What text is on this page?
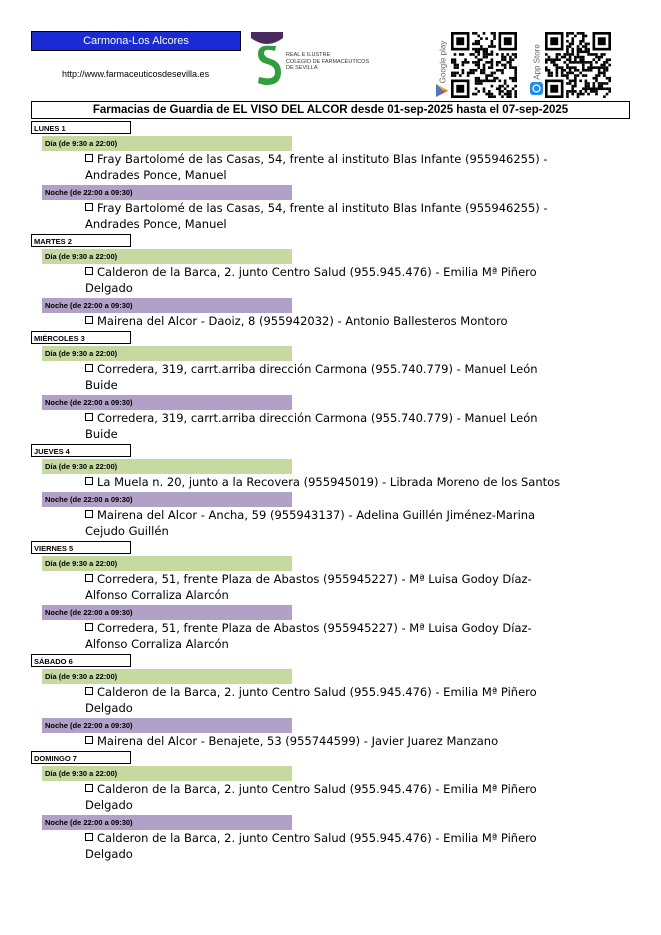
Carmona-Los Alcores
http://www.farmaceuticosdesevilla.es
REAL E ILUSTRE
COLEGIO DE FARMACÉUTICOS
DE SEVILLA	Google play	App Store
Farmacias de Guardia de EL VISO DEL ALCOR desde 01-sep-2025 hasta el 07-sep-2025
LUNES 1
Día (de 9:30 a 22:00)
Fray Bartolomé de las Casas, 54, frente al instituto Blas Infante (955946255) -
Andrades Ponce, Manuel
Noche (de 22:00 a 09:30)
Fray Bartolomé de las Casas, 54, frente al instituto Blas Infante (955946255) -
Andrades Ponce, Manuel
MARTES 2
Día (de 9:30 a 22:00)
Calderon de la Barca, 2. junto Centro Salud (955.945.476) - Emilia Mª Piñero
Delgado
Noche (de 22:00 a 09:30)
Mairena del Alcor - Daoiz, 8 (955942032) - Antonio Ballesteros Montoro
MIÉRCOLES 3
Día (de 9:30 a 22:00)
Corredera, 319, carrt.arriba dirección Carmona (955.740.779) - Manuel León Buide
Noche (de 22:00 a 09:30)
Corredera, 319, carrt.arriba dirección Carmona (955.740.779) - Manuel León Buide
JUEVES 4
Día (de 9:30 a 22:00)
La Muela n. 20, junto a la Recovera (955945019) - Librada Moreno de los Santos
Noche (de 22:00 a 09:30)
Mairena del Alcor - Ancha, 59 (955943137) - Adelina Guillén Jiménez-Marina
Cejudo Guillén
VIERNES 5
Día (de 9:30 a 22:00)
Corredera, 51, frente Plaza de Abastos (955945227) - Mª Luisa Godoy Díaz-
Alfonso Corraliza Alarcón
Noche (de 22:00 a 09:30)
Corredera, 51, frente Plaza de Abastos (955945227) - Mª Luisa Godoy Díaz-
Alfonso Corraliza Alarcón
SÁBADO 6
Día (de 9:30 a 22:00)
Calderon de la Barca, 2. junto Centro Salud (955.945.476) - Emilia Mª Piñero
Delgado
Noche (de 22:00 a 09:30)
Mairena del Alcor - Benajete, 53 (955744599) - Javier Juarez Manzano
DOMINGO 7
Día (de 9:30 a 22:00)
Calderon de la Barca, 2. junto Centro Salud (955.945.476) - Emilia Mª Piñero
Delgado
Noche (de 22:00 a 09:30)
Calderon de la Barca, 2. junto Centro Salud (955.945.476) - Emilia Mª Piñero
Delgado
